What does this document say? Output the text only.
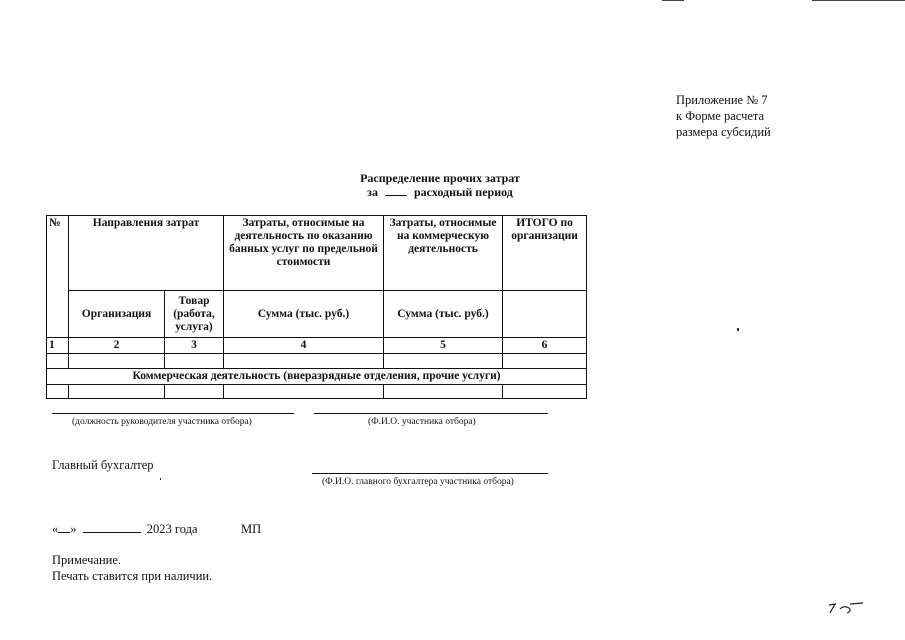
Приложение № 7
к Форме расчета
размера субсидий
Распределение прочих затрат
за	расходный период
№	Направления затрат		Затраты, относимые на деятельность по оказанию банных услуг по предельной стоимости	Затраты, относимые на коммерческую деятельность	ИТОГО по организации
	Организация	Товар (работа, услуга)	Сумма (тыс. руб.)	Сумма (тыс. руб.)	
1	2	3	4	5	6

Коммерческая деятельность (внеразрядные отделения, прочие услуги)					

(должность руководителя участника отбора)	(Ф.И.О. участника отбора)
Главный бухгалтер
(Ф.И.О. главного бухгалтера участника отбора)
« »	2023 года	МП
Примечание.
Печать ставится при наличии.
